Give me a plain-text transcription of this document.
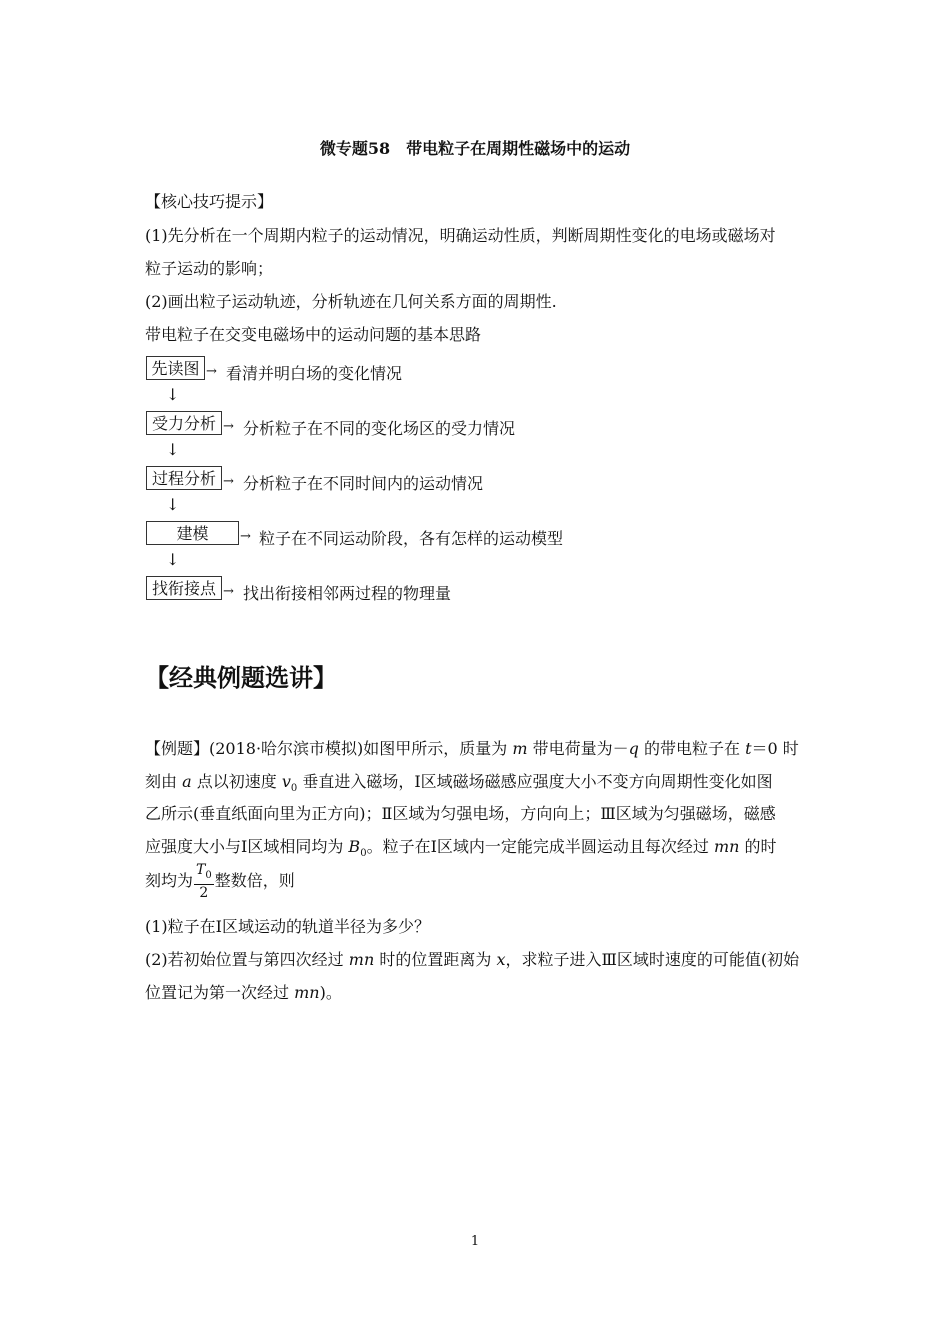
微专题58　带电粒子在周期性磁场中的运动
【核心技巧提示】
(1)先分析在一个周期内粒子的运动情况，明确运动性质，判断周期性变化的电场或磁场对
粒子运动的影响；
(2)画出粒子运动轨迹，分析轨迹在几何关系方面的周期性.
带电粒子在交变电磁场中的运动问题的基本思路
先读图 → 看清并明白场的变化情况
↓
受力分析 → 分析粒子在不同的变化场区的受力情况
↓
过程分析 → 分析粒子在不同时间内的运动情况
↓
建模	→ 粒子在不同运动阶段，各有怎样的运动模型
↓
找衔接点 → 找出衔接相邻两过程的物理量
【经典例题选讲】
【例题】(2018·哈尔滨市模拟)如图甲所示，质量为 m 带电荷量为－q 的带电粒子在 t＝0 时
刻由 a 点以初速度 $v_0$ 垂直进入磁场，Ⅰ区域磁场磁感应强度大小不变方向周期性变化如图
乙所示(垂直纸面向里为正方向)；Ⅱ区域为匀强电场，方向向上；Ⅲ区域为匀强磁场，磁感
应强度大小与Ⅰ区域相同均为 $B_0$。粒子在Ⅰ区域内一定能完成半圆运动且每次经过 mn 的时
刻均为 $\frac{T_0}{2}$ 整数倍，则
(1)粒子在Ⅰ区域运动的轨道半径为多少？
(2)若初始位置与第四次经过 mn 时的位置距离为 x，求粒子进入Ⅲ区域时速度的可能值(初始
位置记为第一次经过 mn)。
1
